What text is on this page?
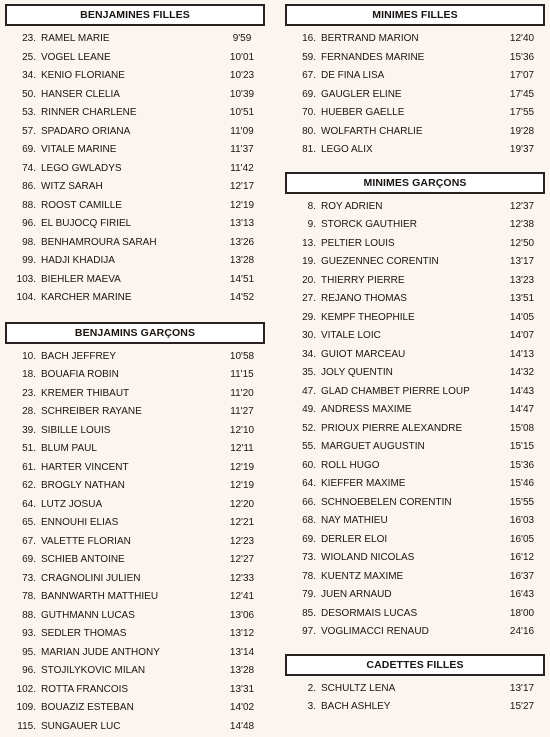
BENJAMINES FILLES
23. RAMEL MARIE	9'59
25. VOGEL LEANE	10'01
34. KENIO FLORIANE	10'23
50. HANSER CLELIA	10'39
53. RINNER CHARLENE	10'51
57. SPADARO ORIANA	11'09
69. VITALE MARINE	11'37
74. LEGO GWLADYS	11'42
86. WITZ SARAH	12'17
88. ROOST CAMILLE	12'19
96. EL BUJOCQ FIRIEL	13'13
98. BENHAMROURA SARAH	13'26
99. HADJI KHADIJA	13'28
103. BIEHLER MAEVA	14'51
104. KARCHER MARINE	14'52
BENJAMINS GARÇONS
10. BACH JEFFREY	10'58
18. BOUAFIA ROBIN	11'15
23. KREMER THIBAUT	11'20
28. SCHREIBER RAYANE	11'27
39. SIBILLE LOUIS	12'10
51. BLUM PAUL	12'11
61. HARTER VINCENT	12'19
62. BROGLY NATHAN	12'19
64. LUTZ JOSUA	12'20
65. ENNOUHI ELIAS	12'21
67. VALETTE FLORIAN	12'23
69. SCHIEB ANTOINE	12'27
73. CRAGNOLINI JULIEN	12'33
78. BANNWARTH MATTHIEU	12'41
88. GUTHMANN LUCAS	13'06
93. SEDLER THOMAS	13'12
95. MARIAN JUDE ANTHONY	13'14
96. STOJILYKOVIC MILAN	13'28
102. ROTTA FRANCOIS	13'31
109. BOUAZIZ ESTEBAN	14'02
115. SUNGAUER LUC	14'48
MINIMES FILLES
16. BERTRAND MARION	12'40
59. FERNANDES MARINE	15'36
67. DE FINA LISA	17'07
69. GAUGLER ELINE	17'45
70. HUEBER GAELLE	17'55
80. WOLFARTH CHARLIE	19'28
81. LEGO ALIX	19'37
MINIMES GARÇONS
8. ROY ADRIEN	12'37
9. STORCK GAUTHIER	12'38
13. PELTIER LOUIS	12'50
19. GUEZENNEC CORENTIN	13'17
20. THIERRY PIERRE	13'23
27. REJANO THOMAS	13'51
29. KEMPF THEOPHILE	14'05
30. VITALE LOIC	14'07
34. GUIOT MARCEAU	14'13
35. JOLY QUENTIN	14'32
47. GLAD CHAMBET PIERRE LOUP	14'43
49. ANDRESS MAXIME	14'47
52. PRIOUX PIERRE ALEXANDRE	15'08
55. MARGUET AUGUSTIN	15'15
60. ROLL HUGO	15'36
64. KIEFFER MAXIME	15'46
66. SCHNOEBELEN CORENTIN	15'55
68. NAY MATHIEU	16'03
69. DERLER ELOI	16'05
73. WIOLAND NICOLAS	16'12
78. KUENTZ MAXIME	16'37
79. JUEN ARNAUD	16'43
85. DESORMAIS LUCAS	18'00
97. VOGLIMACCI RENAUD	24'16
CADETTES FILLES
2. SCHULTZ LENA	13'17
3. BACH ASHLEY	15'27
